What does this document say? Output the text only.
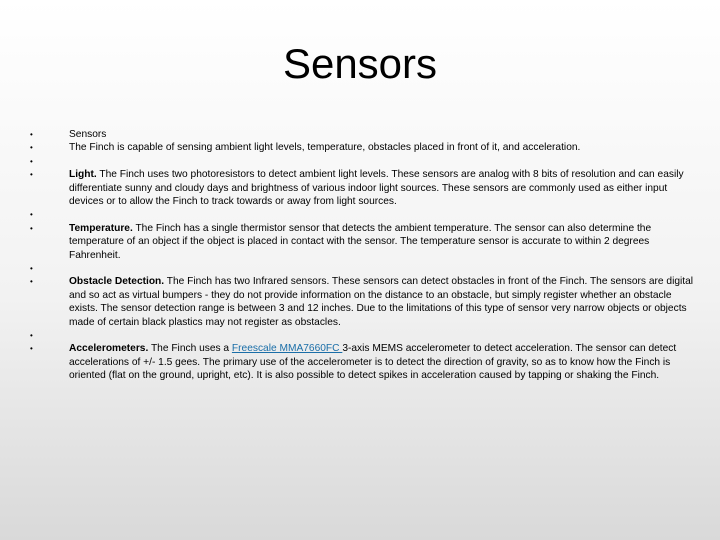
Sensors
•	Sensors
•	The Finch is capable of sensing ambient light levels, temperature, obstacles placed in front of it, and acceleration.
•
•	Light. The Finch uses two photoresistors to detect ambient light levels. These sensors are analog with 8 bits of resolution and can easily differentiate sunny and cloudy days and brightness of various indoor light sources. These sensors are commonly used as either input devices or to allow the Finch to track towards or away from light sources.
•
•	Temperature. The Finch has a single thermistor sensor that detects the ambient temperature. The sensor can also determine the temperature of an object if the object is placed in contact with the sensor. The temperature sensor is accurate to within 2 degrees Fahrenheit.
•
•	Obstacle Detection. The Finch has two Infrared sensors. These sensors can detect obstacles in front of the Finch. The sensors are digital and so act as virtual bumpers - they do not provide information on the distance to an obstacle, but simply register whether an obstacle exists. The sensor detection range is between 3 and 12 inches. Due to the limitations of this type of sensor very narrow objects or objects made of certain black plastics may not register as obstacles.
•
•	Accelerometers. The Finch uses a Freescale MMA7660FC 3-axis MEMS accelerometer to detect acceleration. The sensor can detect accelerations of +/- 1.5 gees. The primary use of the accelerometer is to detect the direction of gravity, so as to know how the Finch is oriented (flat on the ground, upright, etc). It is also possible to detect spikes in acceleration caused by tapping or shaking the Finch.
